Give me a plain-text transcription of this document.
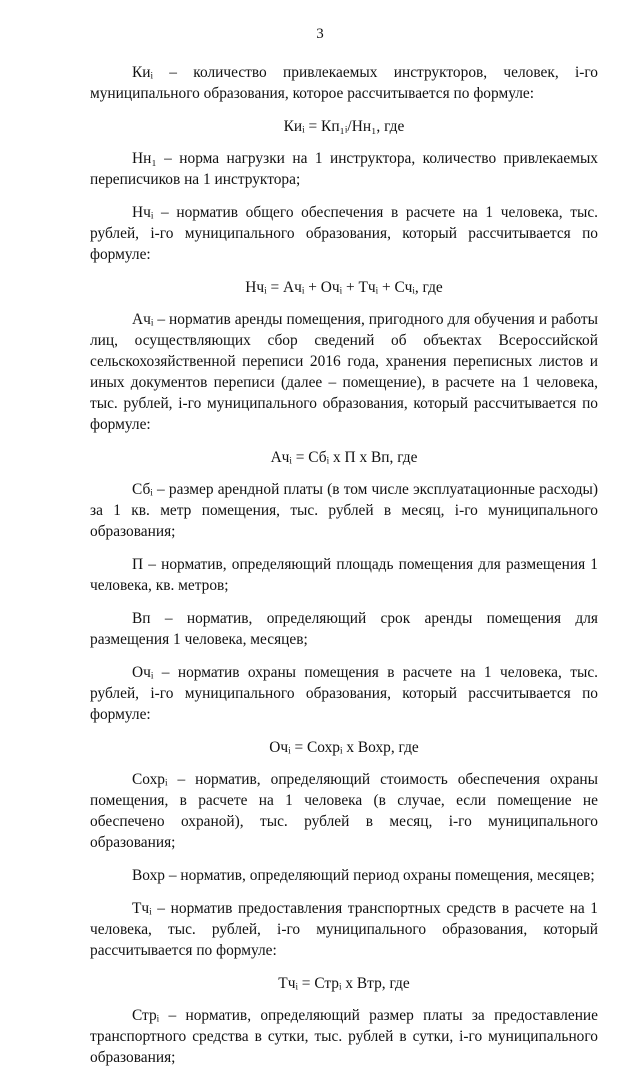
3

Киᵢ – количество привлекаемых инструкторов, человек, i-го муниципального образования, которое рассчитывается по формуле:

Киᵢ = Кп₁ᵢ/Нн₁, где

Нн₁ – норма нагрузки на 1 инструктора, количество привлекаемых переписчиков на 1 инструктора;

Нчᵢ – норматив общего обеспечения в расчете на 1 человека, тыс. рублей, i-го муниципального образования, который рассчитывается по формуле:

Нчᵢ = Ачᵢ + Очᵢ + Тчᵢ + Счᵢ, где

Ачᵢ – норматив аренды помещения, пригодного для обучения и работы лиц, осуществляющих сбор сведений об объектах Всероссийской сельскохозяйственной переписи 2016 года, хранения переписных листов и иных документов переписи (далее – помещение), в расчете на 1 человека, тыс. рублей, i-го муниципального образования, который рассчитывается по формуле:

Ачᵢ = Сбᵢ х П х Вп, где

Сбᵢ – размер арендной платы (в том числе эксплуатационные расходы) за 1 кв. метр помещения, тыс. рублей в месяц, i-го муниципального образования;

П – норматив, определяющий площадь помещения для размещения 1 человека, кв. метров;

Вп – норматив, определяющий срок аренды помещения для размещения 1 человека, месяцев;

Очᵢ – норматив охраны помещения в расчете на 1 человека, тыс. рублей, i-го муниципального образования, который рассчитывается по формуле:

Очᵢ = Сохрᵢ х Вохр, где

Сохрᵢ – норматив, определяющий стоимость обеспечения охраны помещения, в расчете на 1 человека (в случае, если помещение не обеспечено охраной), тыс. рублей в месяц, i-го муниципального образования;

Вохр – норматив, определяющий период охраны помещения, месяцев;

Тчᵢ – норматив предоставления транспортных средств в расчете на 1 человека, тыс. рублей, i-го муниципального образования, который рассчитывается по формуле:

Тчᵢ = Стрᵢ х Втр, где

Стрᵢ – норматив, определяющий размер платы за предоставление транспортного средства в сутки, тыс. рублей в сутки, i-го муниципального образования;
